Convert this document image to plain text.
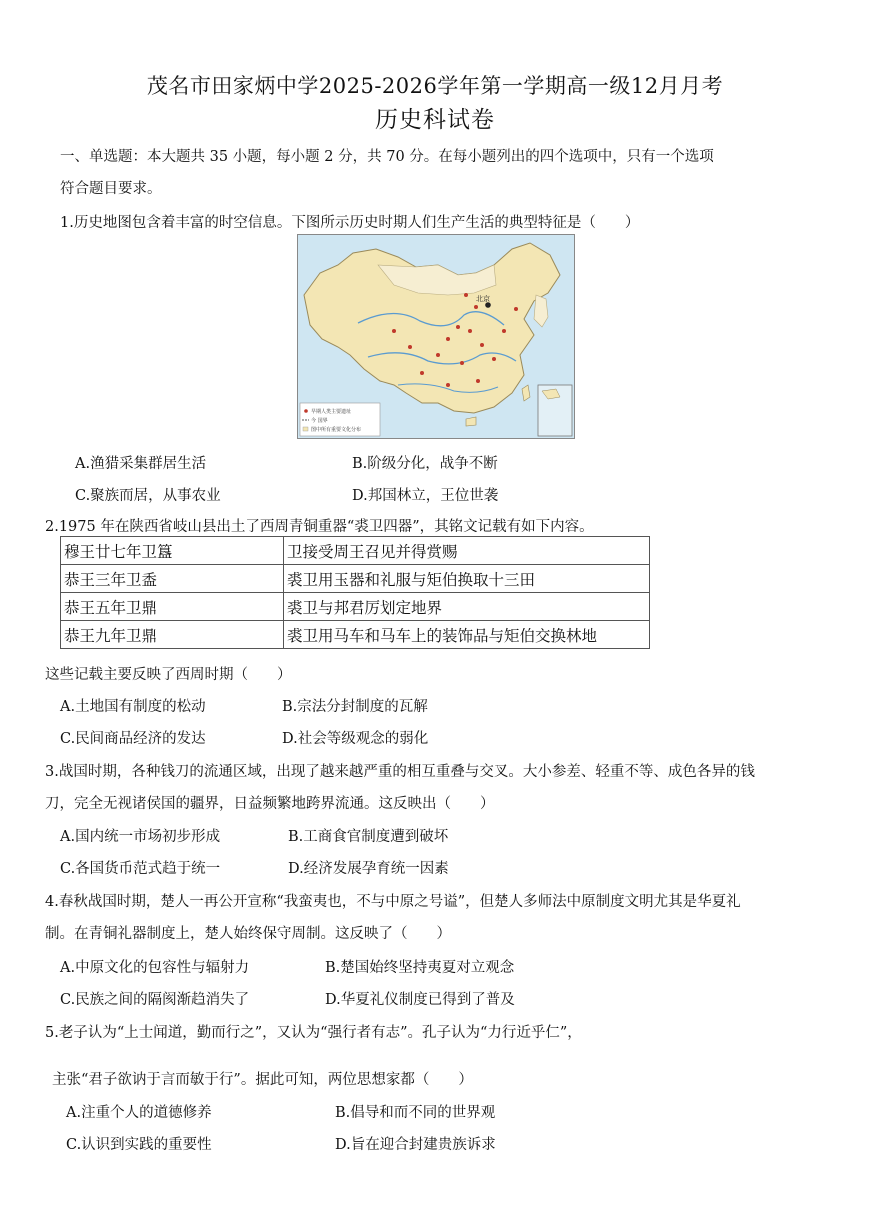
茂名市田家炳中学2025-2026学年第一学期高一级12月月考
历史科试卷
一、单选题：本大题共 35 小题，每小题 2 分，共 70 分。在每小题列出的四个选项中，只有一个选项
符合题目要求。
1.历史地图包含着丰富的时空信息。下图所示历史时期人们生产生活的典型特征是（　　）
北京
早期人类主要遗址
今 国界
图中所有重要文化分布
A.渔猎采集群居生活	B.阶级分化，战争不断
C.聚族而居，从事农业	D.邦国林立，王位世袭
2.1975 年在陕西省岐山县出土了西周青铜重器“裘卫四器”，其铭文记载有如下内容。
穆王廿七年卫簋	卫接受周王召见并得赏赐
恭王三年卫盉	裘卫用玉器和礼服与矩伯换取十三田
恭王五年卫鼎	裘卫与邦君厉划定地界
恭王九年卫鼎	裘卫用马车和马车上的装饰品与矩伯交换林地
这些记载主要反映了西周时期（　　）
A.土地国有制度的松动	B.宗法分封制度的瓦解
C.民间商品经济的发达	D.社会等级观念的弱化
3.战国时期，各种钱刀的流通区域，出现了越来越严重的相互重叠与交叉。大小参差、轻重不等、成色各异的钱
刀，完全无视诸侯国的疆界，日益频繁地跨界流通。这反映出（　　）
A.国内统一市场初步形成	B.工商食官制度遭到破坏
C.各国货币范式趋于统一	D.经济发展孕育统一因素
4.春秋战国时期，楚人一再公开宣称“我蛮夷也，不与中原之号谥”，但楚人多师法中原制度文明尤其是华夏礼
制。在青铜礼器制度上，楚人始终保守周制。这反映了（　　）
A.中原文化的包容性与辐射力	B.楚国始终坚持夷夏对立观念
C.民族之间的隔阂渐趋消失了	D.华夏礼仪制度已得到了普及
5.老子认为“上士闻道，勤而行之”，又认为“强行者有志”。孔子认为“力行近乎仁”，
主张“君子欲讷于言而敏于行”。据此可知，两位思想家都（　　）
A.注重个人的道德修养	B.倡导和而不同的世界观
C.认识到实践的重要性	D.旨在迎合封建贵族诉求
